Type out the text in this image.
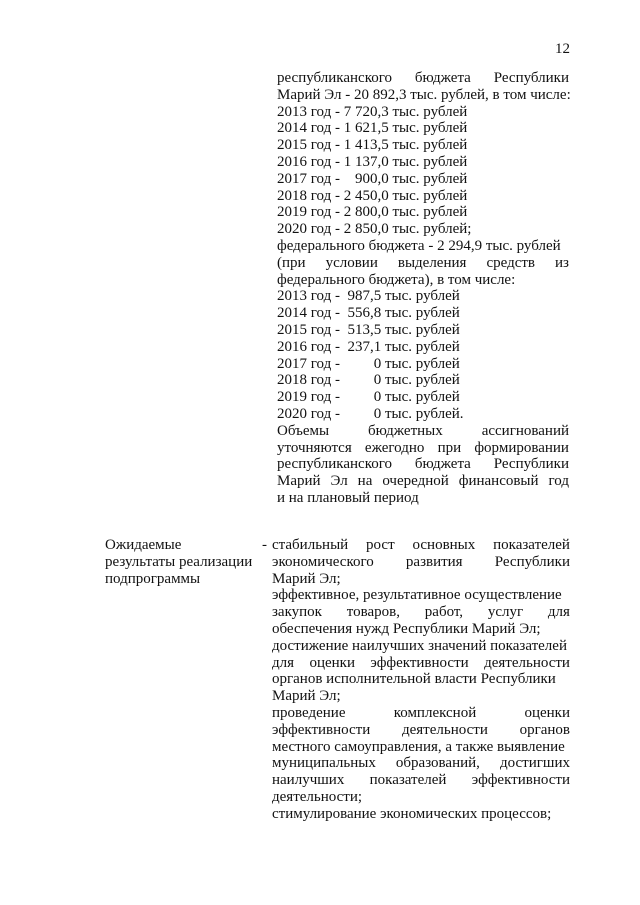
12
республиканского бюджета Республики
Марий Эл - 20 892,3 тыс. рублей, в том числе:
2013 год - 7 720,3 тыс. рублей
2014 год - 1 621,5 тыс. рублей
2015 год - 1 413,5 тыс. рублей
2016 год - 1 137,0 тыс. рублей
2017 год -    900,0 тыс. рублей
2018 год - 2 450,0 тыс. рублей
2019 год - 2 800,0 тыс. рублей
2020 год - 2 850,0 тыс. рублей;
федерального бюджета - 2 294,9 тыс. рублей
(при условии выделения средств из
федерального бюджета), в том числе:
2013 год -  987,5 тыс. рублей
2014 год -  556,8 тыс. рублей
2015 год -  513,5 тыс. рублей
2016 год -  237,1 тыс. рублей
2017 год -         0 тыс. рублей
2018 год -         0 тыс. рублей
2019 год -         0 тыс. рублей
2020 год -         0 тыс. рублей.
Объемы	бюджетных	ассигнований
уточняются ежегодно при формировании
республиканского бюджета Республики
Марий Эл на очередной финансовый год
и на плановый период
Ожидаемые
результаты реализации
подпрограммы
- стабильный рост основных показателей
экономического развития Республики
Марий Эл;
эффективное, результативное осуществление
закупок товаров, работ, услуг для
обеспечения нужд Республики Марий Эл;
достижение наилучших значений показателей
для оценки эффективности деятельности
органов исполнительной власти Республики
Марий Эл;
проведение	комплексной	оценки
эффективности деятельности органов
местного самоуправления, а также выявление
муниципальных образований, достигших
наилучших показателей эффективности
деятельности;
стимулирование экономических процессов;
